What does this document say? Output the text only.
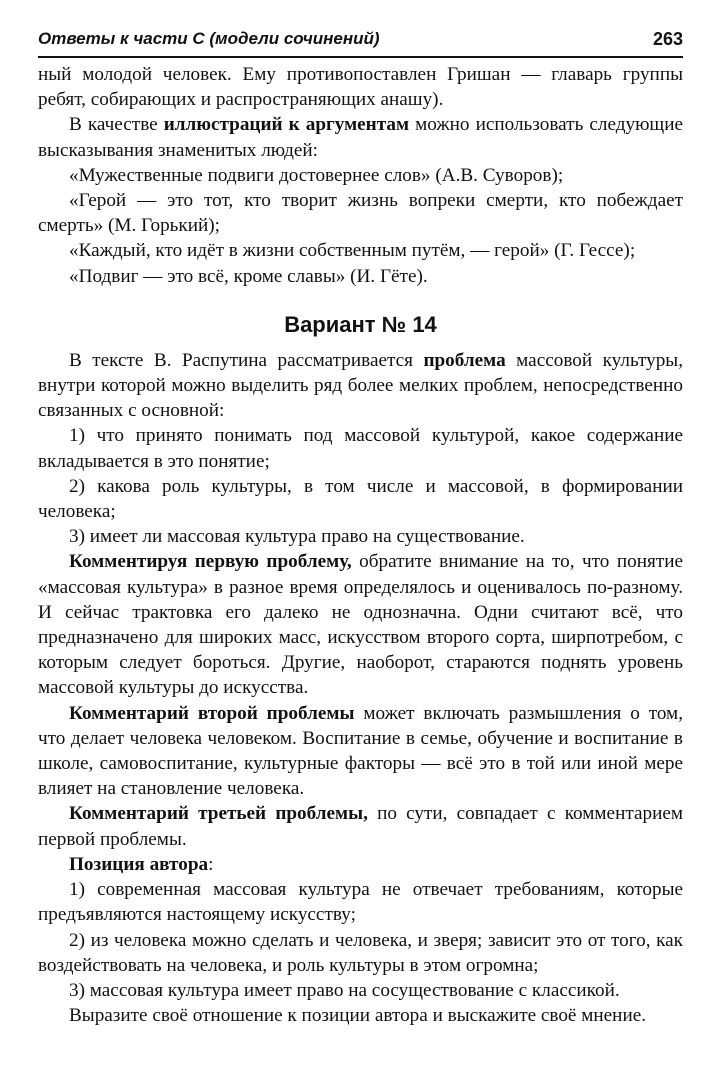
Ответы к части С (модели сочинений)	263

ный молодой человек. Ему противопоставлен Гришан — главарь группы ребят, собирающих и распространяющих анашу).

В качестве иллюстраций к аргументам можно использовать следующие высказывания знаменитых людей:

«Мужественные подвиги достовернее слов» (А.В. Суворов);

«Герой — это тот, кто творит жизнь вопреки смерти, кто побеждает смерть» (М. Горький);

«Каждый, кто идёт в жизни собственным путём, — герой» (Г. Гессе);

«Подвиг — это всё, кроме славы» (И. Гёте).

Вариант № 14

В тексте В. Распутина рассматривается проблема массовой культуры, внутри которой можно выделить ряд более мелких проблем, непосредственно связанных с основной:

1) что принято понимать под массовой культурой, какое содержание вкладывается в это понятие;

2) какова роль культуры, в том числе и массовой, в формировании человека;

3) имеет ли массовая культура право на существование.

Комментируя первую проблему, обратите внимание на то, что понятие «массовая культура» в разное время определялось и оценивалось по-разному. И сейчас трактовка его далеко не однозначна. Одни считают всё, что предназначено для широких масс, искусством второго сорта, ширпотребом, с которым следует бороться. Другие, наоборот, стараются поднять уровень массовой культуры до искусства.

Комментарий второй проблемы может включать размышления о том, что делает человека человеком. Воспитание в семье, обучение и воспитание в школе, самовоспитание, культурные факторы — всё это в той или иной мере влияет на становление человека.

Комментарий третьей проблемы, по сути, совпадает с комментарием первой проблемы.

Позиция автора:

1) современная массовая культура не отвечает требованиям, которые предъявляются настоящему искусству;

2) из человека можно сделать и человека, и зверя; зависит это от того, как воздействовать на человека, и роль культуры в этом огромна;

3) массовая культура имеет право на сосуществование с классикой.

Выразите своё отношение к позиции автора и выскажите своё мнение.
